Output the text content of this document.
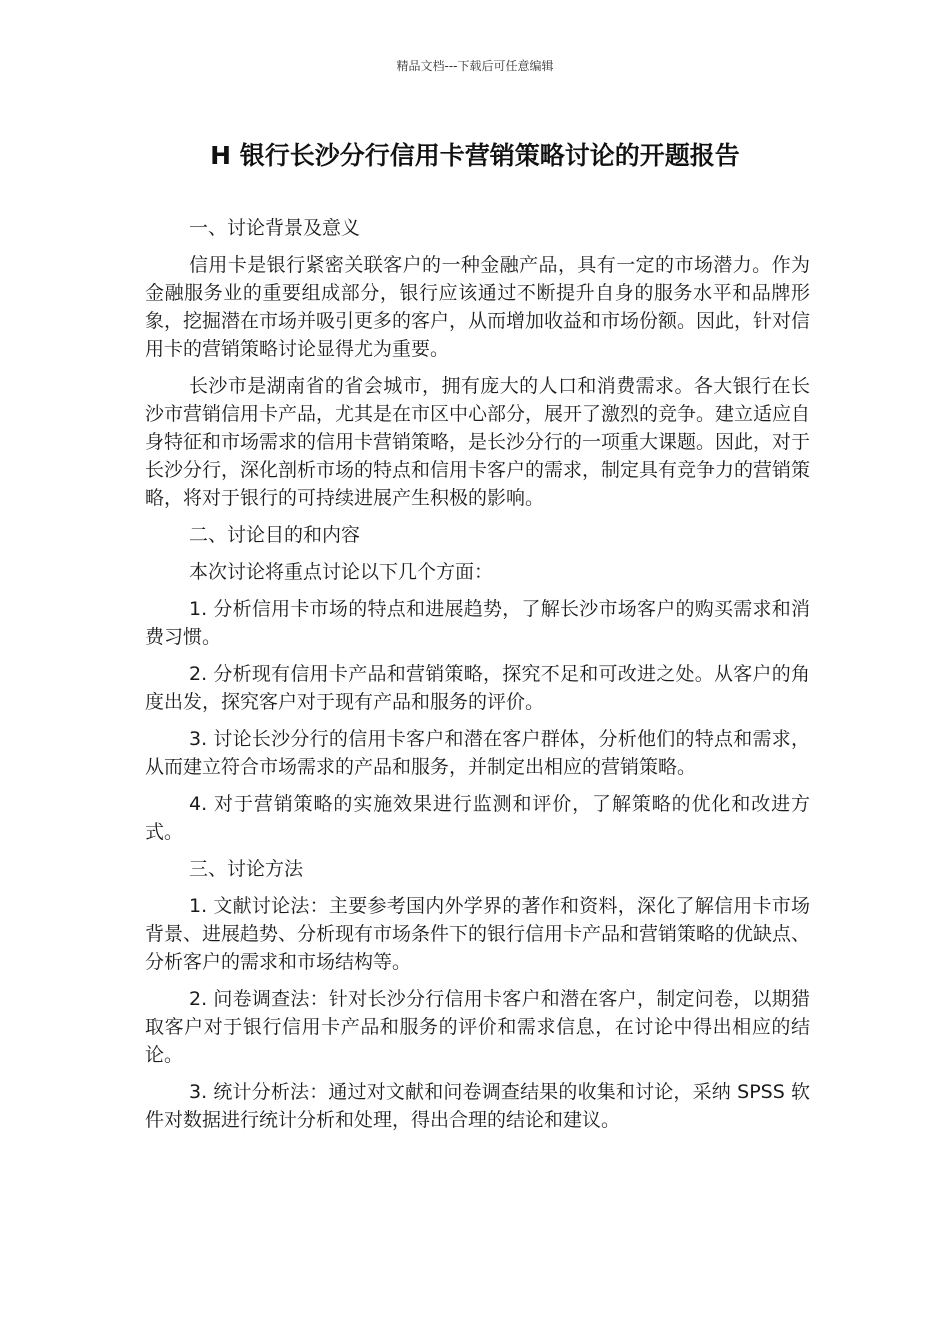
精品文档---下载后可任意编辑
H 银行长沙分行信用卡营销策略讨论的开题报告

一、讨论背景及意义

信用卡是银行紧密关联客户的一种金融产品，具有一定的市场潜力。作为金融服务业的重要组成部分，银行应该通过不断提升自身的服务水平和品牌形象，挖掘潜在市场并吸引更多的客户，从而增加收益和市场份额。因此，针对信用卡的营销策略讨论显得尤为重要。

长沙市是湖南省的省会城市，拥有庞大的人口和消费需求。各大银行在长沙市营销信用卡产品，尤其是在市区中心部分，展开了激烈的竞争。建立适应自身特征和市场需求的信用卡营销策略，是长沙分行的一项重大课题。因此，对于长沙分行，深化剖析市场的特点和信用卡客户的需求，制定具有竞争力的营销策略，将对于银行的可持续进展产生积极的影响。

二、讨论目的和内容

本次讨论将重点讨论以下几个方面：

1. 分析信用卡市场的特点和进展趋势，了解长沙市场客户的购买需求和消费习惯。

2. 分析现有信用卡产品和营销策略，探究不足和可改进之处。从客户的角度出发，探究客户对于现有产品和服务的评价。

3. 讨论长沙分行的信用卡客户和潜在客户群体，分析他们的特点和需求，从而建立符合市场需求的产品和服务，并制定出相应的营销策略。

4. 对于营销策略的实施效果进行监测和评价，了解策略的优化和改进方式。

三、讨论方法

1. 文献讨论法：主要参考国内外学界的著作和资料，深化了解信用卡市场背景、进展趋势、分析现有市场条件下的银行信用卡产品和营销策略的优缺点、分析客户的需求和市场结构等。

2. 问卷调查法：针对长沙分行信用卡客户和潜在客户，制定问卷，以期猎取客户对于银行信用卡产品和服务的评价和需求信息，在讨论中得出相应的结论。

3. 统计分析法：通过对文献和问卷调查结果的收集和讨论，采纳 SPSS 软件对数据进行统计分析和处理，得出合理的结论和建议。
